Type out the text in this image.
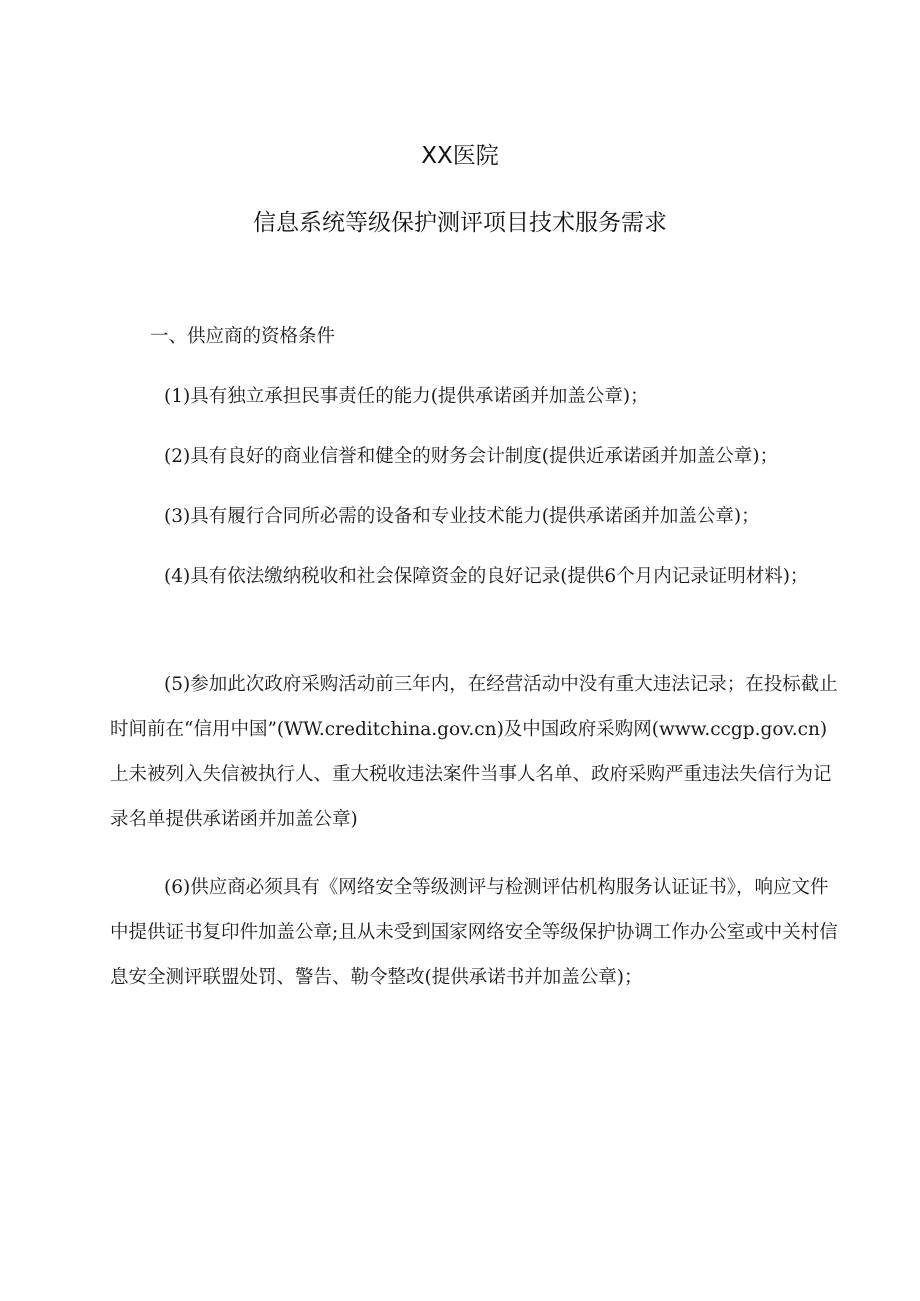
XX医院
信息系统等级保护测评项目技术服务需求
一、供应商的资格条件

(1)具有独立承担民事责任的能力(提供承诺函并加盖公章)；

(2)具有良好的商业信誉和健全的财务会计制度(提供近承诺函并加盖公章)；

(3)具有履行合同所必需的设备和专业技术能力(提供承诺函并加盖公章)；

(4)具有依法缴纳税收和社会保障资金的良好记录(提供6个月内记录证明材料)；

(5)参加此次政府采购活动前三年内，在经营活动中没有重大违法记录；在投标截止时间前在“信用中国”(WW.creditchina.gov.cn)及中国政府采购网(www.ccgp.gov.cn)上未被列入失信被执行人、重大税收违法案件当事人名单、政府采购严重违法失信行为记录名单提供承诺函并加盖公章)

(6)供应商必须具有《网络安全等级测评与检测评估机构服务认证证书》，响应文件中提供证书复印件加盖公章;且从未受到国家网络安全等级保护协调工作办公室或中关村信息安全测评联盟处罚、警告、勒令整改(提供承诺书并加盖公章)；
